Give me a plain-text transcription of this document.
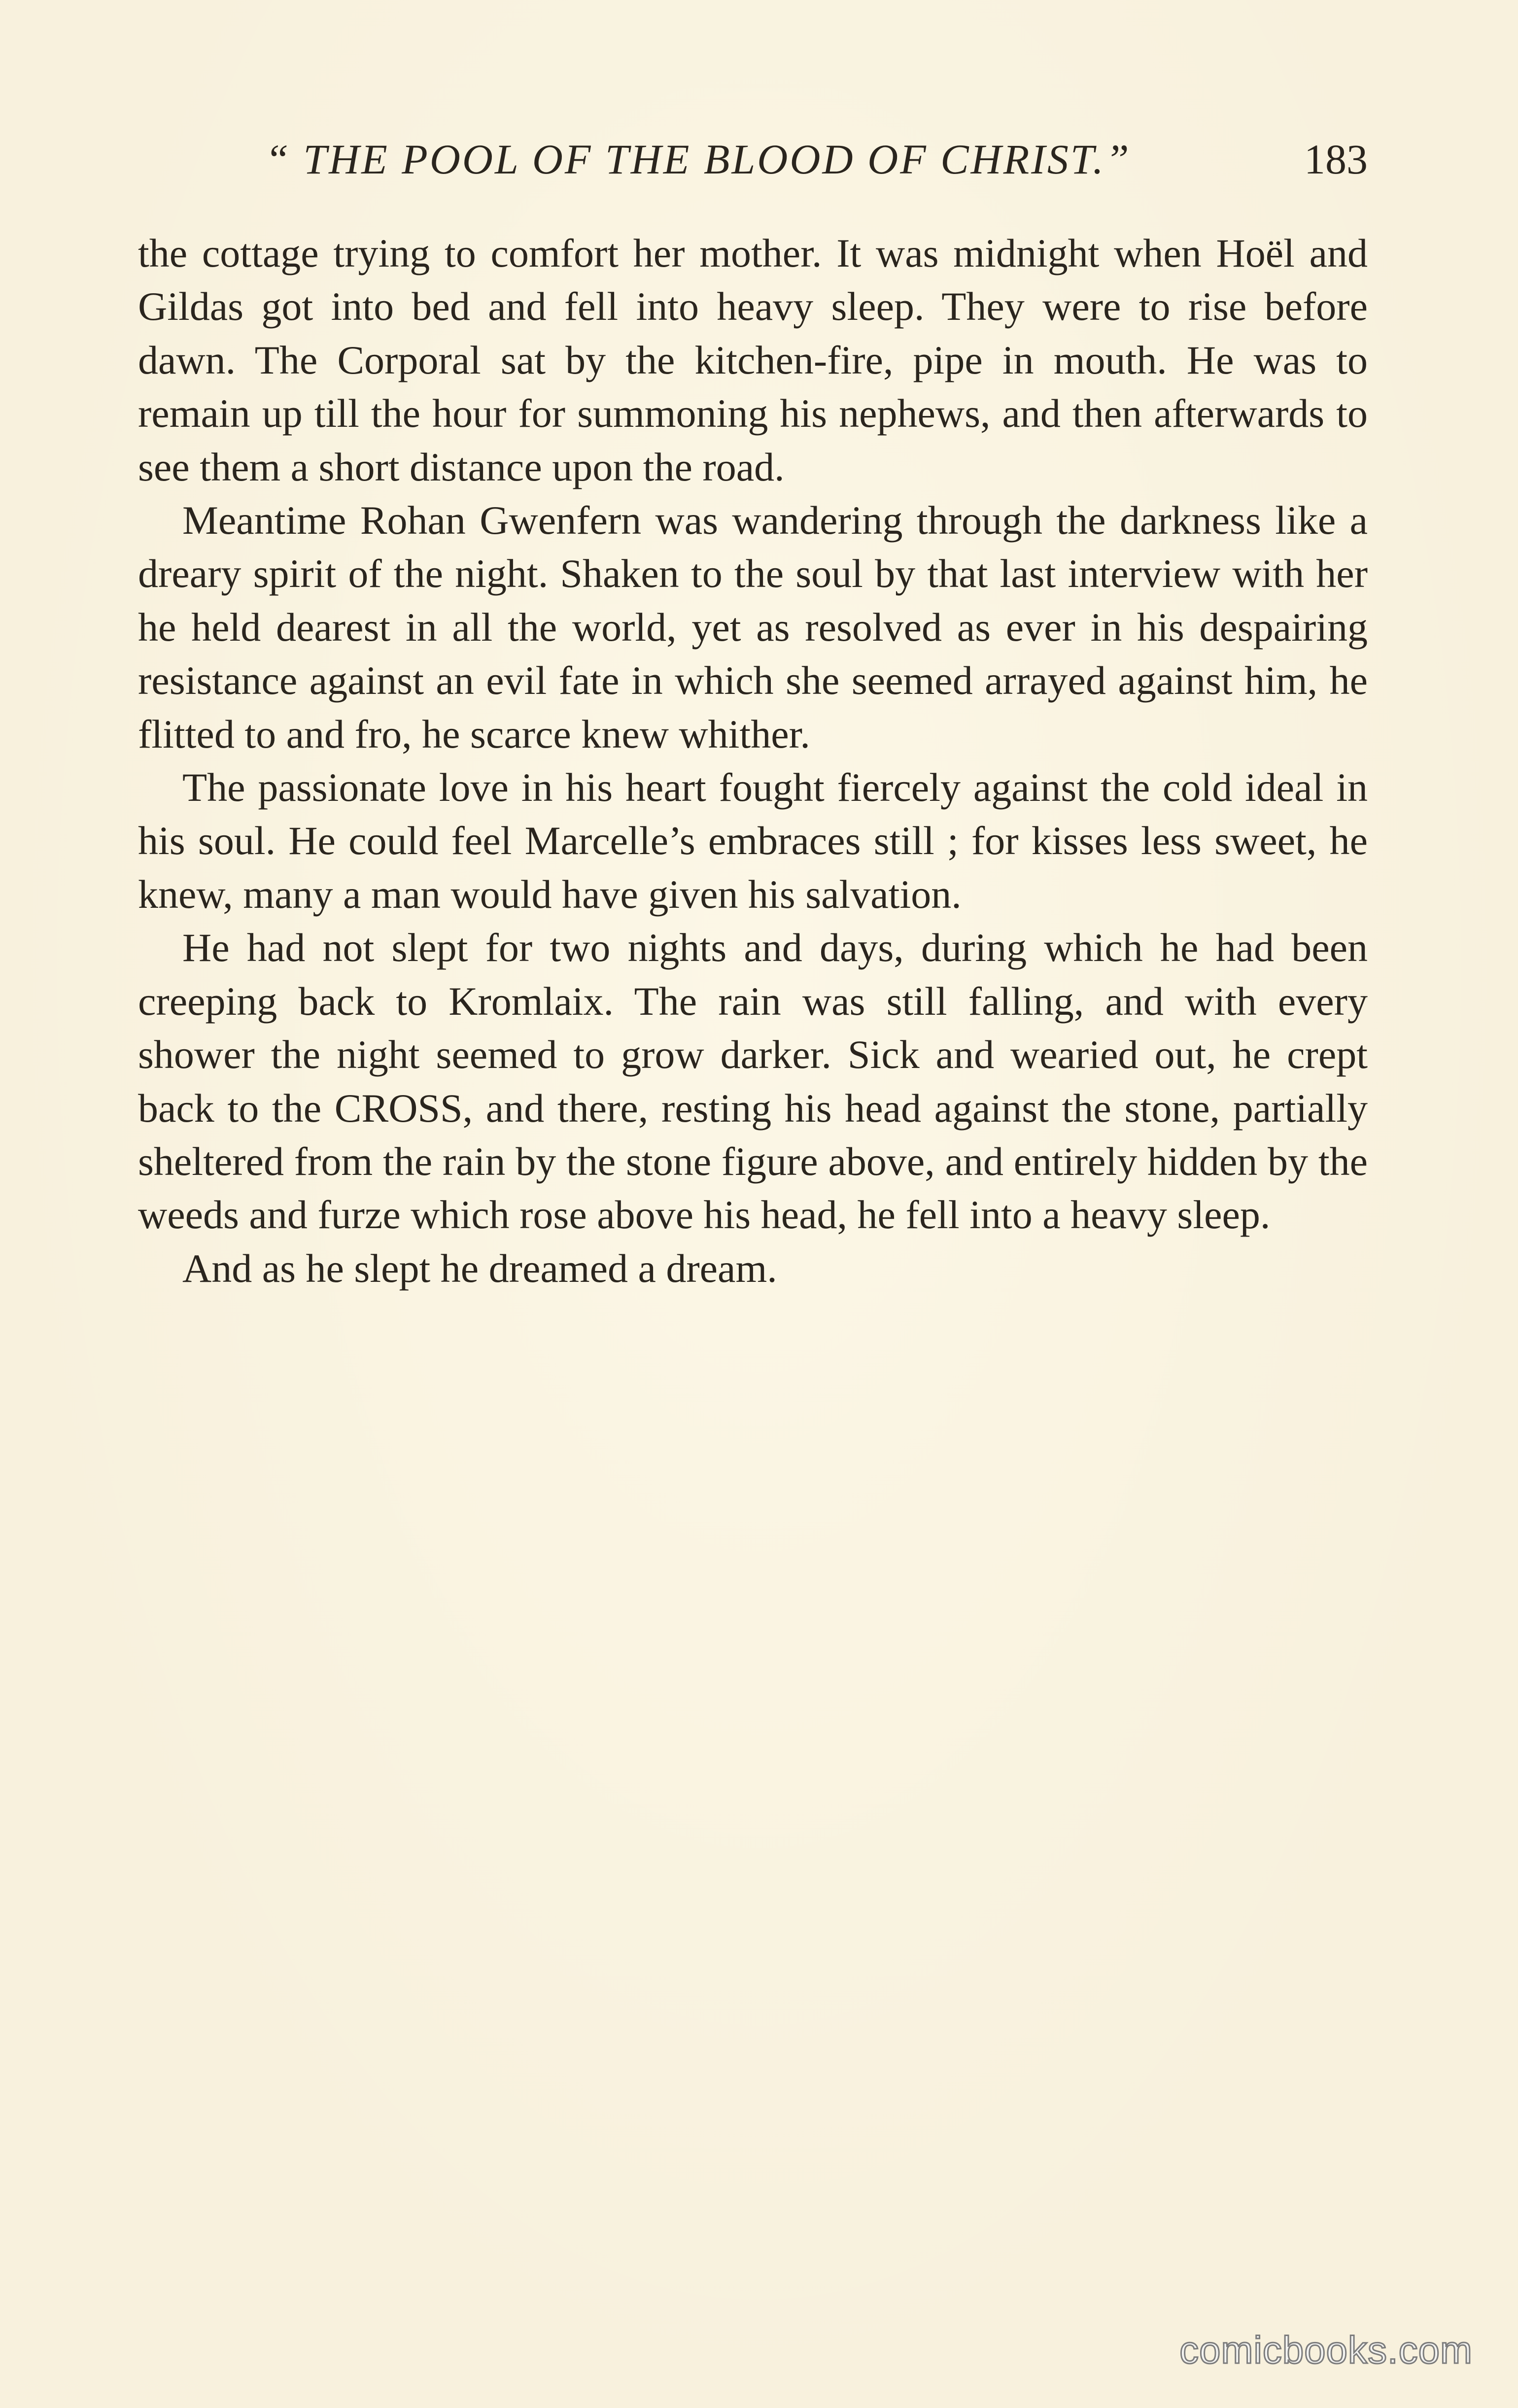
“ THE POOL OF THE BLOOD OF CHRIST.”	183

the cottage trying to comfort her mother. It was midnight when Hoël and Gildas got into bed and fell into heavy sleep. They were to rise before dawn. The Corporal sat by the kitchen-fire, pipe in mouth. He was to remain up till the hour for summoning his nephews, and then afterwards to see them a short distance upon the road.

Meantime Rohan Gwenfern was wandering through the darkness like a dreary spirit of the night. Shaken to the soul by that last interview with her he held dearest in all the world, yet as resolved as ever in his despairing resistance against an evil fate in which she seemed arrayed against him, he flitted to and fro, he scarce knew whither.

The passionate love in his heart fought fiercely against the cold ideal in his soul. He could feel Marcelle’s embraces still ; for kisses less sweet, he knew, many a man would have given his salvation.

He had not slept for two nights and days, during which he had been creeping back to Kromlaix. The rain was still falling, and with every shower the night seemed to grow darker. Sick and wearied out, he crept back to the CROSS, and there, resting his head against the stone, partially sheltered from the rain by the stone figure above, and entirely hidden by the weeds and furze which rose above his head, he fell into a heavy sleep.

And as he slept he dreamed a dream.

comicbooks.com
